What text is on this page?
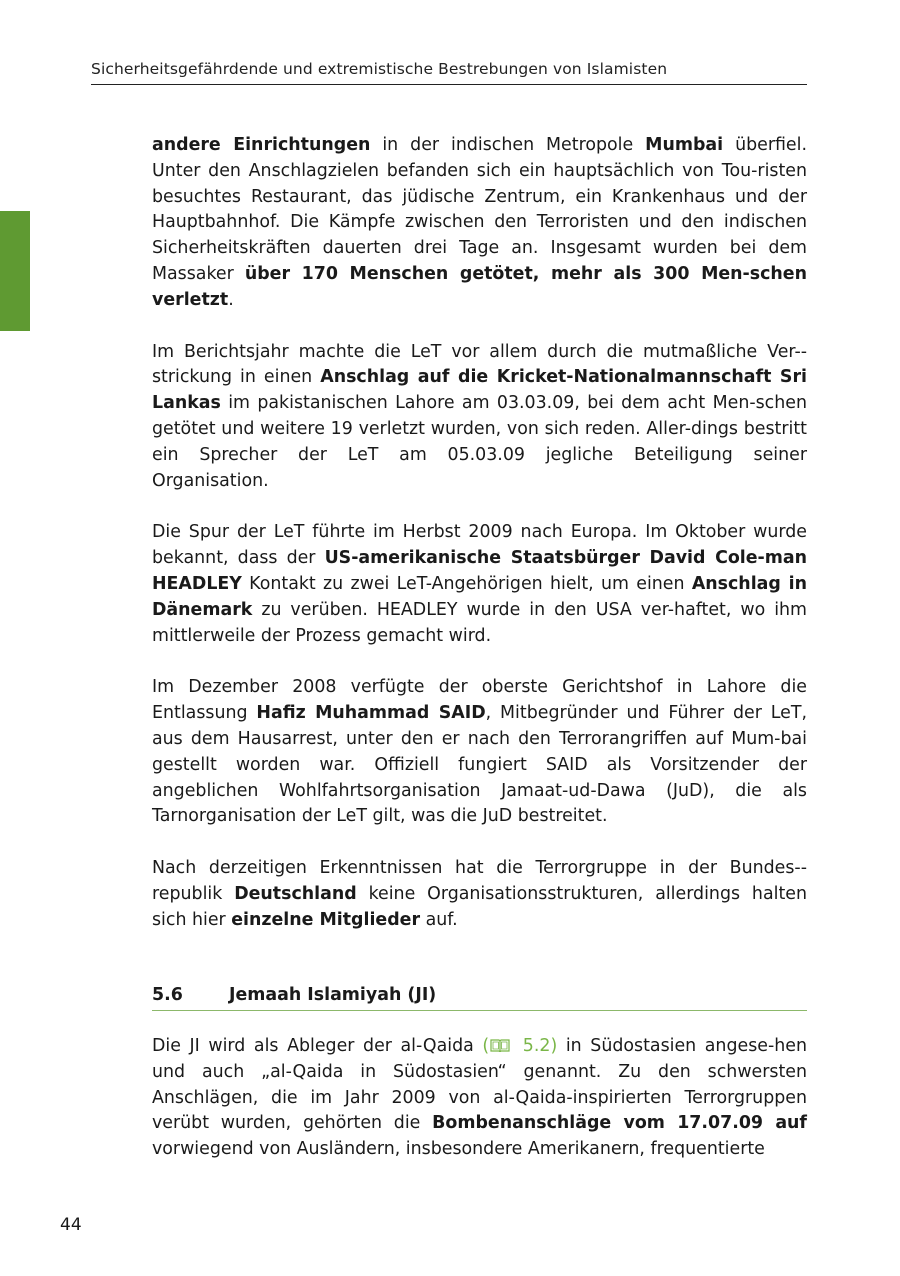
Sicherheitsgefährdende und extremistische Bestrebungen von Islamisten

andere Einrichtungen in der indischen Metropole Mumbai überfiel. Unter den Anschlagzielen befanden sich ein hauptsächlich von Tou-risten besuchtes Restaurant, das jüdische Zentrum, ein Krankenhaus und der Hauptbahnhof. Die Kämpfe zwischen den Terroristen und den indischen Sicherheitskräften dauerten drei Tage an. Insgesamt wurden bei dem Massaker über 170 Menschen getötet, mehr als 300 Men-schen verletzt.

Im Berichtsjahr machte die LeT vor allem durch die mutmaßliche Ver-strickung in einen Anschlag auf die Kricket-Nationalmannschaft Sri Lankas im pakistanischen Lahore am 03.03.09, bei dem acht Men-schen getötet und weitere 19 verletzt wurden, von sich reden. Aller-dings bestritt ein Sprecher der LeT am 05.03.09 jegliche Beteiligung seiner Organisation.

Die Spur der LeT führte im Herbst 2009 nach Europa. Im Oktober wurde bekannt, dass der US-amerikanische Staatsbürger David Cole-man HEADLEY Kontakt zu zwei LeT-Angehörigen hielt, um einen Anschlag in Dänemark zu verüben. HEADLEY wurde in den USA ver-haftet, wo ihm mittlerweile der Prozess gemacht wird.

Im Dezember 2008 verfügte der oberste Gerichtshof in Lahore die Entlassung Hafiz Muhammad SAID, Mitbegründer und Führer der LeT, aus dem Hausarrest, unter den er nach den Terrorangriffen auf Mum-bai gestellt worden war. Offiziell fungiert SAID als Vorsitzender der angeblichen Wohlfahrtsorganisation Jamaat-ud-Dawa (JuD), die als Tarnorganisation der LeT gilt, was die JuD bestreitet.

Nach derzeitigen Erkenntnissen hat die Terrorgruppe in der Bundes-republik Deutschland keine Organisationsstrukturen, allerdings halten sich hier einzelne Mitglieder auf.

5.6	Jemaah Islamiyah (JI)

Die JI wird als Ableger der al-Qaida ( 5.2) in Südostasien angese-hen und auch „al-Qaida in Südostasien“ genannt. Zu den schwersten Anschlägen, die im Jahr 2009 von al-Qaida-inspirierten Terrorgruppen verübt wurden, gehörten die Bombenanschläge vom 17.07.09 auf vorwiegend von Ausländern, insbesondere Amerikanern, frequentierte

44
